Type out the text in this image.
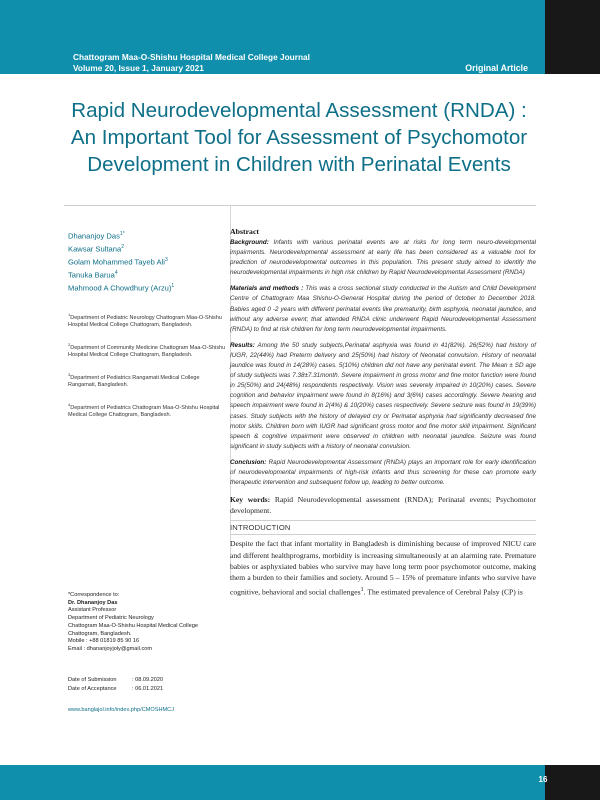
Chattogram Maa-O-Shishu Hospital Medical College Journal
Volume 20, Issue 1, January 2021	Original Article
Rapid Neurodevelopmental Assessment (RNDA) : An Important Tool for Assessment of Psychomotor Development in Children with Perinatal Events
Dhananjoy Das$^{1*}$
Kawsar Sultana$^2$
Golam Mohammed Tayeb Ali$^3$
Tanuka Barua$^4$
Mahmood A Chowdhury (Arzu)$^1$
$^1$Department of Pediatric Neurology Chattogram Maa-O-Shishu Hospital Medical College Chattogram, Bangladesh.
$^2$Department of Community Medicine Chattogram Maa-O-Shishu Hospital Medical College Chattogram, Bangladesh.
$^3$Department of Pediatrics Rangamati Medical College Rangamati, Bangladesh.
$^4$Department of Pediatrics Chattogram Maa-O-Shishu Hospital Medical College Chattogram, Bangladesh.
*Correspondence to:
Dr. Dhananjoy Das
Assistant Professor
Department of Pediatric Neurology
Chattogram Maa-O-Shishu Hospital Medical College
Chattogram, Bangladesh.
Mobile : +88 01819 85 90 16
Email : dhananjoyjoly@gmail.com
Date of Submission	: 08.09.2020
Date of Acceptance	: 06.01.2021
www.banglajol.info/index.php/CMOSHMCJ
Abstract

Background: Infants with various perinatal events are at risks for long term neuro-developmental impairments. Neurodevelopmental assessment at early life has been considered as a valuable tool for prediction of neurodevelopmental outcomes in this population. This present study aimed to identify the neurodevelopmental impairments in high risk children by Rapid Neurodevelopmental Assessment (RNDA)

Materials and methods : This was a cross sectional study conducted in the Autism and Child Development Centre of Chattogram Maa Shishu-O-General Hospital during the period of 0ctober to December 2018. Babies aged 0 -2 years with different perinatal events like prematurity, birth asphyxia, neonatal jaundice, and without any adverse event; that attended RNDA clinic underwent Rapid Neurodevelopmental Assessment (RNDA) to find at risk children for long term neurodevelopmental impairments.

Results: Among the 50 study subjects,Perinatal asphyxia was found in 41(82%). 26(52%) had history of IUGR, 22(44%) had Preterm delivery and 25(50%) had history of Neonatal convulsion. History of neonatal jaundice was found in 14(28%) cases. 5(10%) children did not have any perinatal event. The Mean ± SD age of study subjects was 7.38±7.31month. Severe impairment in gross motor and fine motor function were found in 25(50%) and 24(48%) respondents respectively. Vision was severely impaired in 10(20%) cases. Severe cognition and behavior impairment were found in 8(16%) and 3(6%) cases accordingly. Severe hearing and speech impairment were found in 2(4%) & 10(20%) cases respectively. Severe seizure was found in 19(39%) cases. Study subjects with the history of delayed cry or Perinatal asphyxia had significantly decreased fine motor skills. Children born with IUGR had significant gross motor and fine motor skill impairment. Significant speech & cognitive impairment were observed in children with neonatal jaundice. Seizure was found significant in study subjects with a history of neonatal convulsion.

Conclusion: Rapid Neurodevelopmental Assessment (RNDA) plays an important role for early identification of neurodevelopmental impairments of high-risk infants and thus screening for these can promote early therapeutic intervention and subsequent follow up, leading to better outcome.

Key words: Rapid Neurodevelopmental assessment (RNDA); Perinatal events; Psychomotor development.

INTRODUCTION

Despite the fact that infant mortality in Bangladesh is diminishing because of improved NICU care and different healthprograms, morbidity is increasing simultaneously at an alarming rate. Premature babies or asphyxiated babies who survive may have long term poor psychomotor outcome, making them a burden to their families and society. Around 5 – 15% of premature infants who survive have cognitive, behavioral and social challenges$^1$. The estimated prevalence of Cerebral Palsy (CP) is

16
